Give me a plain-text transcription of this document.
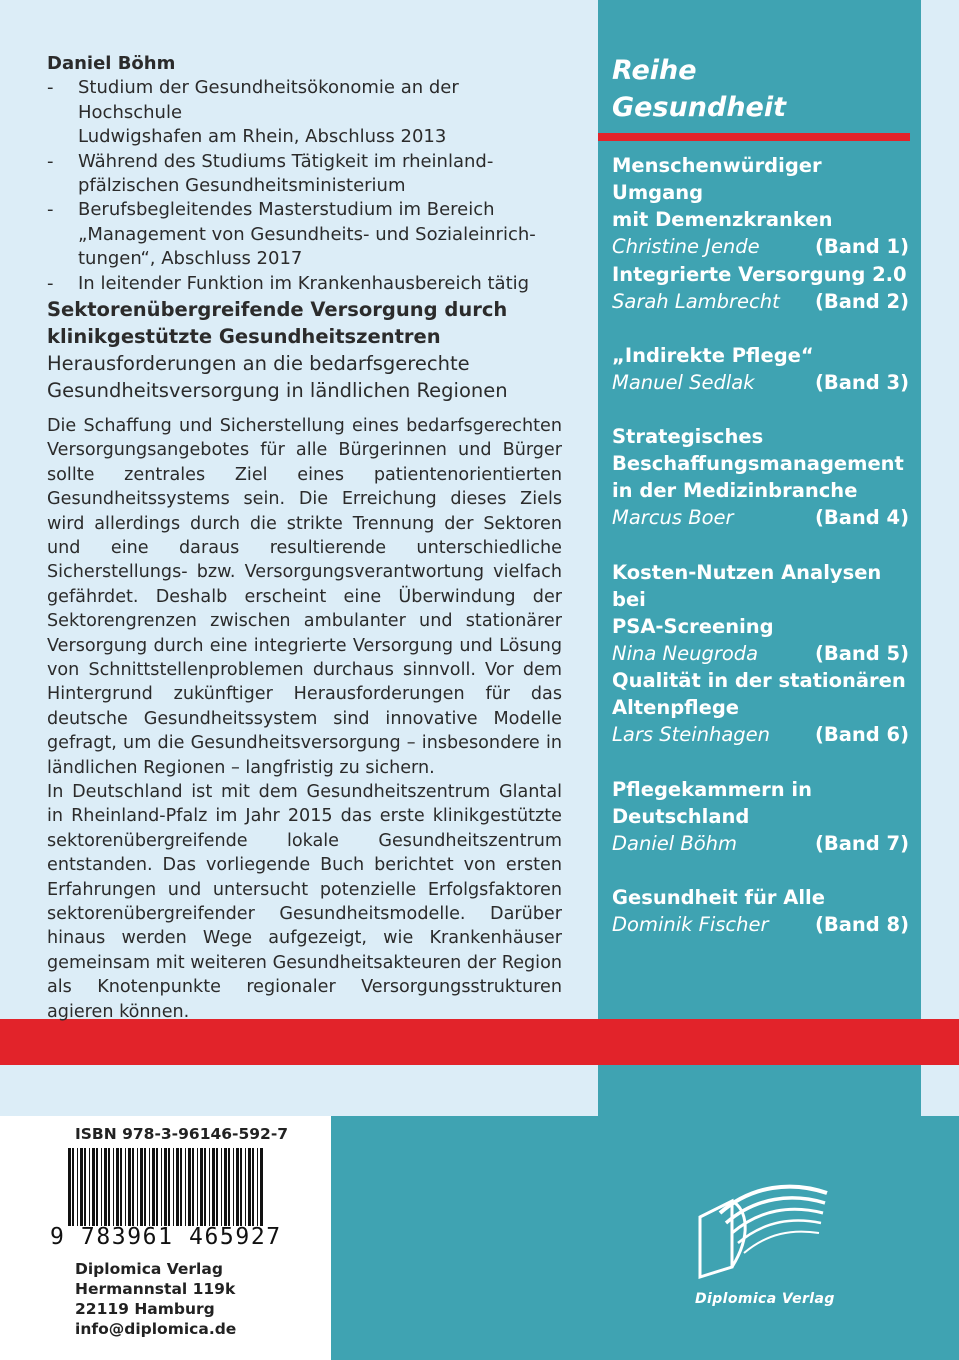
Daniel Böhm
- Studium der Gesundheitsökonomie an der Hochschule
Ludwigshafen am Rhein, Abschluss 2013
- Während des Studiums Tätigkeit im rheinland-
pfälzischen Gesundheitsministerium
- Berufsbegleitendes Masterstudium im Bereich
„Management von Gesundheits- und Sozialeinrich-
tungen“, Abschluss 2017
- In leitender Funktion im Krankenhausbereich tätig
Sektorenübergreifende Versorgung durch
klinikgestützte Gesundheitszentren
Herausforderungen an die bedarfsgerechte
Gesundheitsversorgung in ländlichen Regionen

Die Schaffung und Sicherstellung eines bedarfsgerechten Versorgungsangebotes für alle Bürgerinnen und Bürger sollte zentrales Ziel eines patientenorientierten Gesundheitssystems sein. Die Erreichung dieses Ziels wird allerdings durch die strikte Trennung der Sektoren und eine daraus resultierende unterschiedliche Sicherstellungs- bzw. Versorgungsverantwortung vielfach gefährdet. Deshalb erscheint eine Überwindung der Sektorengrenzen zwischen ambulanter und stationärer Versorgung durch eine integrierte Versorgung und Lösung von Schnittstellenproblemen durchaus sinnvoll. Vor dem Hintergrund zukünftiger Herausforderungen für das deutsche Gesundheitssystem sind innovative Modelle gefragt, um die Gesundheitsversorgung – insbesondere in ländlichen Regionen – langfristig zu sichern.

In Deutschland ist mit dem Gesundheitszentrum Glantal in Rheinland-Pfalz im Jahr 2015 das erste klinikgestützte sektorenübergreifende lokale Gesundheitszentrum entstanden. Das vorliegende Buch berichtet von ersten Erfahrungen und untersucht potenzielle Erfolgsfaktoren sektorenübergreifender Gesundheitsmodelle. Darüber hinaus werden Wege aufgezeigt, wie Krankenhäuser gemeinsam mit weiteren Gesundheitsakteuren der Region als Knotenpunkte regionaler Versorgungsstrukturen agieren können.

Reihe
Gesundheit
Menschenwürdiger Umgang
mit Demenzkranken
Christine Jende	(Band 1)
Integrierte Versorgung 2.0
Sarah Lambrecht (Band 2)
„Indirekte Pflege“
Manuel Sedlak	(Band 3)
Strategisches
Beschaffungsmanagement
in der Medizinbranche
Marcus Boer	(Band 4)
Kosten-Nutzen Analysen bei
PSA-Screening
Nina Neugroda	(Band 5)
Qualität in der stationären
Altenpflege
Lars Steinhagen (Band 6)
Pflegekammern in
Deutschland
Daniel Böhm	(Band 7)
Gesundheit für Alle
Dominik Fischer (Band 8)
ISBN 978-3-96146-592-7
9 783961 465927
Diplomica Verlag
Hermannstal 119k
22119 Hamburg
info@diplomica.de
Diplomica Verlag
